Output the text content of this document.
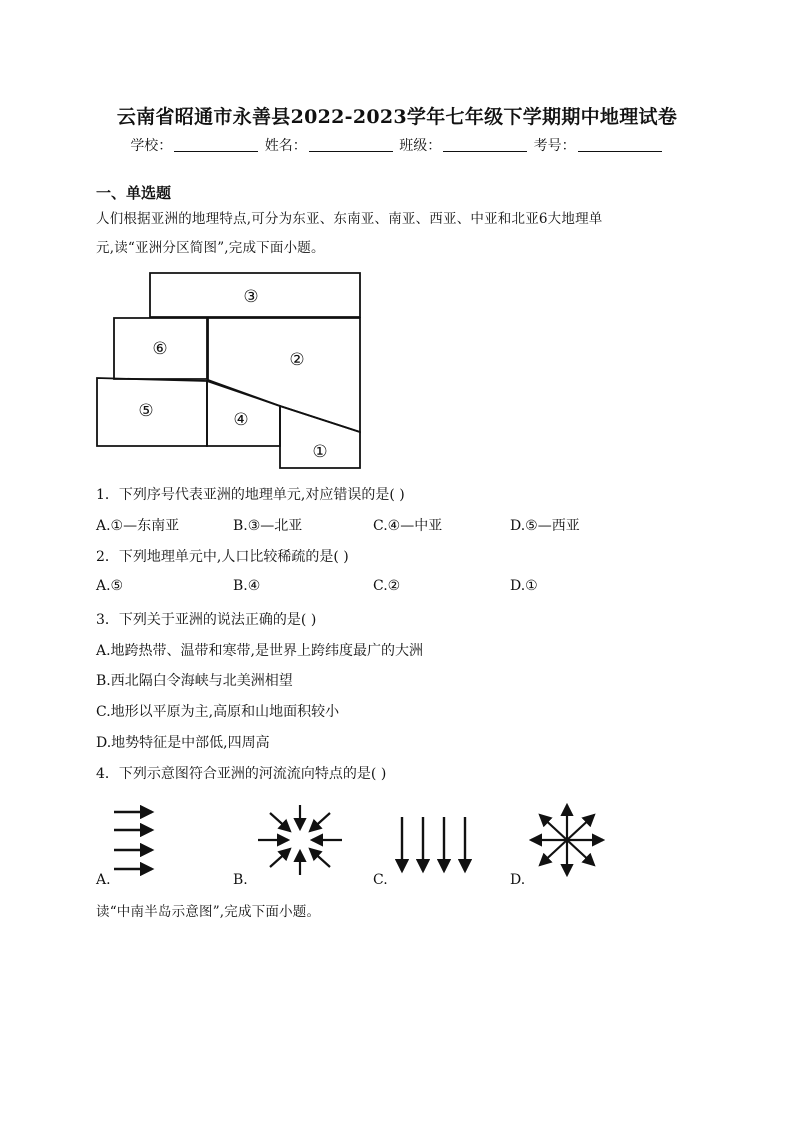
云南省昭通市永善县2022-2023学年七年级下学期期中地理试卷
学校：	姓名：	班级：	考号：
一、单选题
人们根据亚洲的地理特点,可分为东亚、东南亚、南亚、西亚、中亚和北亚6大地理单
元,读“亚洲分区简图”,完成下面小题。
①
②
③
④
⑤
⑥
1．下列序号代表亚洲的地理单元,对应错误的是( )
A.①—东南亚	B.③—北亚	C.④—中亚	D.⑤—西亚
2．下列地理单元中,人口比较稀疏的是( )
A.⑤	B.④	C.②	D.①
3．下列关于亚洲的说法正确的是( )
A.地跨热带、温带和寒带,是世界上跨纬度最广的大洲
B.西北隔白令海峡与北美洲相望
C.地形以平原为主,高原和山地面积较小
D.地势特征是中部低,四周高
4．下列示意图符合亚洲的河流流向特点的是( )
A.	B.	C.	D.
读“中南半岛示意图”,完成下面小题。
